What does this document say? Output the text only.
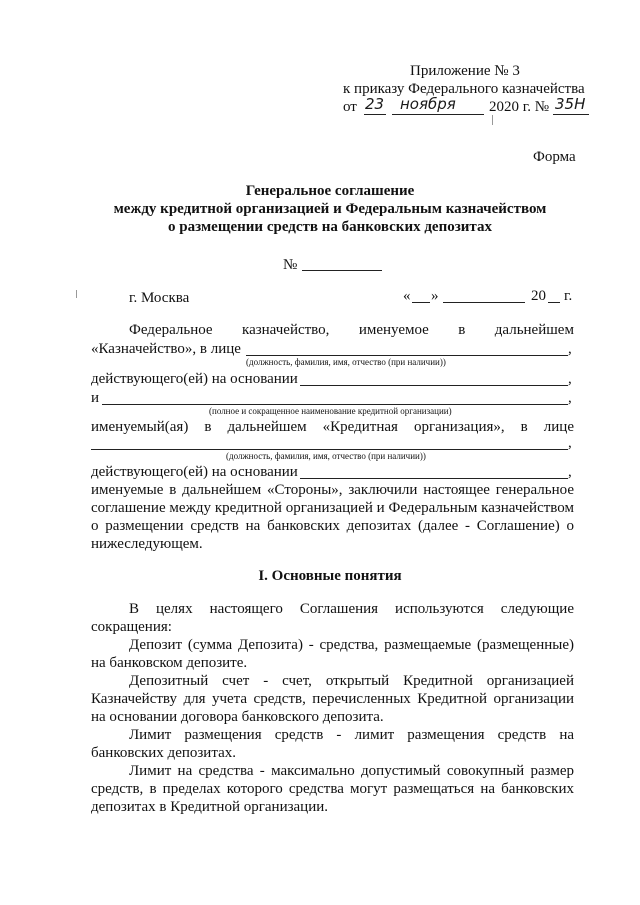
Приложение № 3
к приказу Федерального казначейства
от 23 ноября 2020 г. № 35Н
Форма
Генеральное соглашение
между кредитной организацией и Федеральным казначейством
о размещении средств на банковских депозитах
№
г. Москва	« »	20 г.
Федеральное казначейство, именуемое в дальнейшем
«Казначейство», в лице	,
(должность, фамилия, имя, отчество (при наличии))
действующего(ей) на основании	,
и	,
(полное и сокращенное наименование кредитной организации)
именуемый(ая) в дальнейшем «Кредитная организация», в лице
,
(должность, фамилия, имя, отчество (при наличии))
действующего(ей) на основании	,
именуемые в дальнейшем «Стороны», заключили настоящее генеральное
соглашение между кредитной организацией и Федеральным казначейством
о размещении средств на банковских депозитах (далее - Соглашение) о
нижеследующем.
I. Основные понятия
В целях настоящего Соглашения используются следующие
сокращения:
Депозит (сумма Депозита) - средства, размещаемые (размещенные)
на банковском депозите.
Депозитный счет - счет, открытый Кредитной организацией
Казначейству для учета средств, перечисленных Кредитной организации
на основании договора банковского депозита.
Лимит размещения средств - лимит размещения средств на
банковских депозитах.
Лимит на средства - максимально допустимый совокупный размер
средств, в пределах которого средства могут размещаться на банковских
депозитах в Кредитной организации.
